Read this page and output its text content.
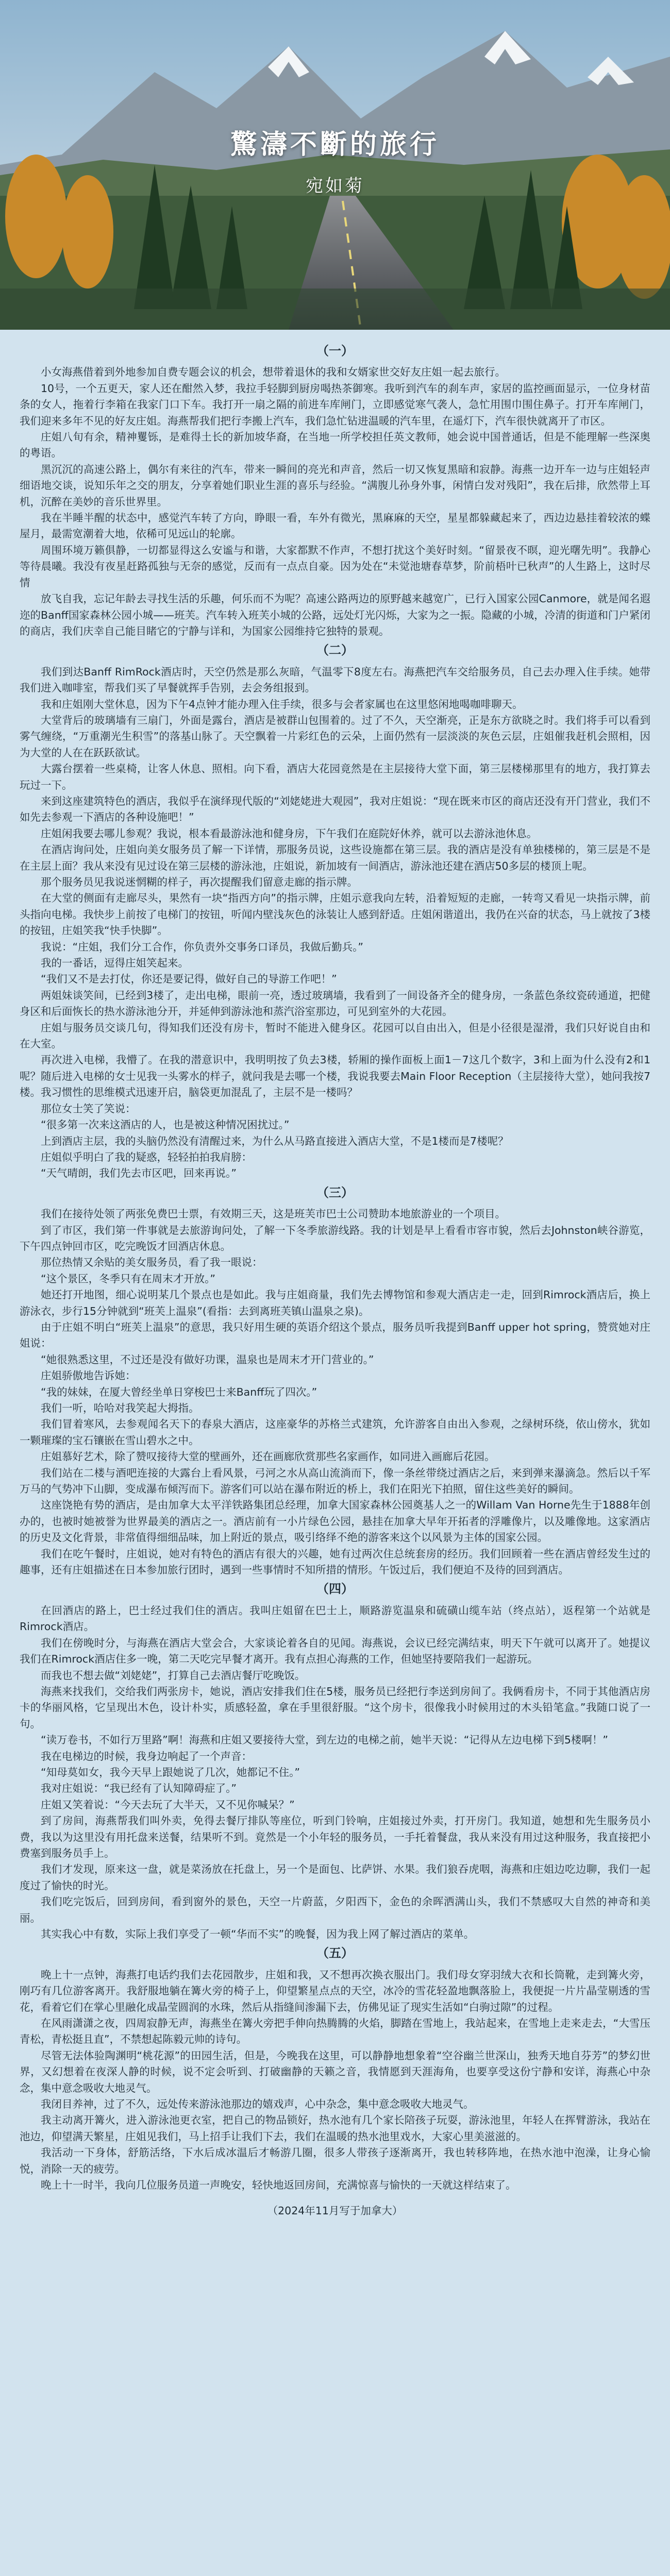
驚濤不斷的旅行
宛如菊
（一）

小女海燕借着到外地参加自费专题会议的机会，想带着退休的我和女婿家世交好友庄姐一起去旅行。

10号，一个五更天，家人还在酣然入梦，我拉手轻脚到厨房喝热茶御寒。我听到汽车的刹车声，家居的监控画面显示，一位身材苗条的女人，拖着行李箱在我家门口下车。我打开一扇之隔的前进车库闸门，立即感觉寒气袭人，急忙用围巾围住鼻子。打开车库闸门，我们迎来多年不见的好友庄姐。海燕帮我们把行李搬上汽车，我们急忙钻进温暖的汽车里，在遥灯下，汽车很快就离开了市区。

庄姐八旬有余，精神矍铄，是难得土长的新加坡华裔，在当地一所学校担任英文教师，她会说中国普通话，但是不能理解一些深奥的粤语。

黑沉沉的高速公路上，偶尔有来往的汽车，带来一瞬间的亮光和声音，然后一切又恢复黑暗和寂静。海燕一边开车一边与庄姐轻声细语地交谈，说知乐年之交的朋友，分享着她们职业生涯的喜乐与经验。“满腹儿孙身外事，闲情白发对残阳”，我在后排，欣然带上耳机，沉醉在美妙的音乐世界里。

我在半睡半醒的状态中，感觉汽车转了方向，睁眼一看，车外有微光，黑麻麻的天空，星星都躲藏起来了，西边边悬挂着较浓的蝶屋月，最需宽潮着大地，依稀可见远山的轮廓。

周围环境万籁俱静，一切都显得这么安谧与和谐，大家都默不作声，不想打扰这个美好时刻。“留景夜不暝，迎光曙先明”。我静心等待晨曦。我没有夜星赶路孤独与无奈的感觉，反而有一点点自豪。因为处在“未觉池塘春草梦，阶前梧叶已秋声”的人生路上，这时尽情

放飞自我，忘记年龄去寻找生活的乐趣，何乐而不为呢？高速公路两边的原野越来越宽广，已行入国家公园Canmore，就是闻名遐迩的Banff国家森林公园小城——班芙。汽车转入班芙小城的公路，远处灯光闪烁，大家为之一振。隐藏的小城，冷清的街道和门户紧闭的商店，我们庆幸自己能目睹它的宁静与详和，为国家公园维持它独特的景观。

（二）

我们到达Banff RimRock酒店时，天空仍然是那么灰暗，气温零下8度左右。海燕把汽车交给服务员，自己去办理入住手续。她带我们进入咖啡室，帮我们买了早餐就挥手告别，去会务组报到。

我和庄姐刚大堂休息，因为下午4点钟才能办理入住手续，很多与会者家属也在这里悠闲地喝咖啡聊天。

大堂背后的玻璃墙有三扇门，外面是露台，酒店是被群山包围着的。过了不久，天空渐亮，正是东方欲晓之时。我们将手可以看到雾气缠绕，“万重潮光生积雪”的落基山脉了。天空飘着一片彩红色的云朵，上面仍然有一层淡淡的灰色云层，庄姐催我赶机会照相，因为大堂的人在在跃跃欲试。

大露台摆着一些桌椅，让客人休息、照相。向下看，酒店大花园竟然是在主层接待大堂下面，第三层楼梯那里有的地方，我打算去玩过一下。

来到这座建筑特色的酒店，我似乎在演绎现代版的“刘姥姥进大观园”，我对庄姐说：“现在既来市区的商店还没有开门营业，我们不如先去参观一下酒店的各种设施吧！”

庄姐闲我要去哪儿参观？我说，根本看最游泳池和健身房，下午我们在庭院好休养，就可以去游泳池休息。

在酒店询问处，庄姐向美女服务员了解一下详情，那服务员说，这些设施都在第三层。我的酒店是没有单独楼梯的，第三层是不是在主层上面？我从来没有见过设在第三层楼的游泳池，庄姐说，新加坡有一间酒店，游泳池还建在酒店50多层的楼顶上呢。

那个服务员见我说迷惘糊的样子，再次提醒我们留意走廊的指示牌。

在大堂的侧面有走廊尽头，果然有一块“指西方向”的指示牌，庄姐示意我向左转，沿着短短的走廊，一转弯又看见一块指示牌，前头指向电梯。我快步上前按了电梯门的按钮，听闻内壁浅灰色的泳装让人感到舒适。庄姐闲谐道出，我仍在兴奋的状态，马上就按了3楼的按钮，庄姐笑我“快手快脚”。

我说：“庄姐，我们分工合作，你负责外交事务口译员，我做后勤兵。”

我的一番话，逗得庄姐笑起来。

“我们又不是去打仗，你还是要记得，做好自己的导游工作吧！”

两姐妹谈笑间，已经到3楼了，走出电梯，眼前一亮，透过玻璃墙，我看到了一间设备齐全的健身房，一条蓝色条纹瓷砖通道，把健身区和后面恢长的热水游泳池分开，并延伸到游泳池和蒸汽浴室那边，可见到室外的大花园。

庄姐与服务员交谈几句，得知我们还没有房卡，暂时不能进入健身区。花园可以自由出入，但是小径很是湿滑，我们只好说自由和在大室。

再次进入电梯，我懵了。在我的潜意识中，我明明按了负去3楼，轿厢的操作面板上面1－7这几个数字，3和上面为什么没有2和1呢？随后进入电梯的女士见我一头雾水的样子，就问我是去哪一个楼，我说我要去Main Floor Reception（主层接待大堂），她问我按7楼。我习惯性的思维模式迅速开启，脑袋更加混乱了，主层不是一楼吗？

那位女士笑了笑说：

“很多第一次来这酒店的人，也是被这种情况困扰过。”

上到酒店主层，我的头脑仍然没有清醒过来，为什么从马路直接进入酒店大堂，不是1楼而是7楼呢？

庄姐似乎明白了我的疑惑，轻轻拍拍我肩膀：

“天气晴朗，我们先去市区吧，回来再说。”

（三）

我们在接待处领了两张免费巴士票，有效期三天，这是班芙市巴士公司赞助本地旅游业的一个项目。

到了市区，我们第一件事就是去旅游询问处，了解一下冬季旅游线路。我的计划是早上看看市容市貌，然后去Johnston峡谷游览，下午四点钟回市区，吃完晚饭才回酒店休息。

那位热情又余贴的美女服务员，看了我一眼说：

“这个景区，冬季只有在周末才开放。”

她还打开地图，细心说明某几个景点也是如此。我与庄姐商量，我们先去博物馆和参观大酒店走一走，回到Rimrock酒店后，换上游泳衣，步行15分钟就到“班芙上温泉”(看指：去到离班芙镇山温泉之泉)。

由于庄姐不明白“班芙上温泉”的意思，我只好用生硬的英语介绍这个景点，服务员听我提到Banff upper hot spring，赞赏她对庄姐说：

“她很熟悉这里，不过还是没有做好功课，温泉也是周末才开门营业的。”

庄姐骄傲地告诉她：

“我的妹妹，在厦大曾经坐单日穿梭巴士来Banff玩了四次。”

我们一听，哈哈对我笑起大拇指。

我们冒着寒风，去参观闻名天下的春泉大酒店，这座豪华的苏格兰式建筑，允许游客自由出入参观，之绿树环绕，依山傍水，犹如一颗璀璨的宝石镶嵌在雪山碧水之中。

庄姐慕好艺术，除了赞叹接待大堂的壁画外，还在画廊欣赏那些名家画作，如同进入画廊后花园。

我们站在二楼与酒吧连接的大露台上看风景，弓河之水从高山流淌而下，像一条丝带绕过酒店之后，来到弹来瀑滴急。然后以千军万马的气势冲下山脚，变成瀑布倾泻而下。游客们可以站在瀑布附近的桥上，我们在阳光下拍照，留住这些美好的瞬间。

这座饶艳有势的酒店，是由加拿大太平洋铁路集团总经理，加拿大国家森林公园奠基人之一的Willam Van Horne先生于1888年创办的，也被时她被誉为世界最美的酒店之一。酒店前有一小片绿色公园，悬挂在加拿大早年开拓者的浮雕像片，以及雕像地。这家酒店的历史及文化背景，非常值得细细品味，加上附近的景点，吸引络绎不绝的游客来这个以风景为主体的国家公园。

我们在吃午餐时，庄姐说，她对有特色的酒店有很大的兴趣，她有过两次住总统套房的经历。我们回顾着一些在酒店曾经发生过的趣事，还有庄姐描述在日本参加旅行团时，遇到一些事情时不知所措的情形。午饭过后，我们便迫不及待的回到酒店。

（四）

在回酒店的路上，巴士经过我们住的酒店。我叫庄姐留在巴士上，顺路游览温泉和硫磺山缆车站（终点站），返程第一个站就是Rimrock酒店。

我们在傍晚时分，与海燕在酒店大堂会合，大家谈论着各自的见闻。海燕说，会议已经完满结束，明天下午就可以离开了。她提议我们在Rimrock酒店住多一晚，第二天吃完早餐才离开。我有点担心海燕的工作，但她坚持要陪我们一起游玩。

而我也不想去做“刘姥姥”，打算自己去酒店餐厅吃晚饭。

海燕来找我们，交给我们两张房卡，她说，酒店安排我们住在5楼，服务员已经把行李送到房间了。我俩看房卡，不同于其他酒店房卡的华丽风格，它呈现出木色，设计朴实，质感轻盈，拿在手里很舒服。“这个房卡，很像我小时候用过的木头铅笔盒。”我随口说了一句。

“读万卷书，不如行万里路”啊！海燕和庄姐又要接待大堂，到左边的电梯之前，她半天说：“记得从左边电梯下到5楼啊！”

我在电梯边的时候，我身边响起了一个声音：

“知母莫如女，我今天早上跟她说了几次，她都记不住。”

我对庄姐说：“我已经有了认知障碍症了。”

庄姐又笑着说：“今天去玩了大半天，又不见你喊呆？”

到了房间，海燕帮我们叫外卖，免得去餐厅排队等座位，听到门铃响，庄姐接过外卖，打开房门。我知道，她想和先生服务员小费，我以为这里没有用托盘来送餐，结果听不到。竟然是一个小年轻的服务员，一手托着餐盘，我从来没有用过这种服务，我直接把小费塞到服务员手上。

我们才发现，原来这一盘，就是菜汤放在托盘上，另一个是面包、比萨饼、水果。我们狼吞虎咽，海燕和庄姐边吃边聊，我们一起度过了愉快的时光。

我们吃完饭后，回到房间，看到窗外的景色，天空一片蔚蓝，夕阳西下，金色的余晖洒满山头，我们不禁感叹大自然的神奇和美丽。

其实我心中有数，实际上我们享受了一顿“华而不实”的晚餐，因为我上网了解过酒店的菜单。

（五）

晚上十一点钟，海燕打电话约我们去花园散步，庄姐和我，又不想再次换衣服出门。我们母女穿羽绒大衣和长筒靴，走到篝火旁，刚巧有几位游客离开。我舒服地躺在篝火旁的椅子上，仰望繁星点点的天空，冰冷的雪花轻盈地飘落脸上，我便捉一片片晶莹剔透的雪花，看着它们在掌心里融化成晶莹圆润的水珠，然后从指缝间渗漏下去，仿佛见证了现实生活如“白驹过隙”的过程。

在风雨潇潇之夜，四周寂静无声，海燕坐在篝火旁把手伸向热腾腾的火焰，脚踏在雪地上，我站起来，在雪地上走来走去，“大雪压青松，青松挺且直”，不禁想起陈毅元帅的诗句。

尽管无法体验陶渊明“桃花源”的田园生活，但是，今晚我在这里，可以静静地想象着“空谷幽兰世深山，独秀天地自芬芳”的梦幻世界，又幻想着在夜深人静的时候，说不定会听到、打破幽静的天籁之音，我情愿到天涯海角，也要享受这份宁静和安详，海燕心中杂念，集中意念吸收大地灵气。

我闭目养神，过了不久，远处传来游泳池那边的嬉戏声，心中杂念，集中意念吸收大地灵气。

我主动离开篝火，进入游泳池更衣室，把自己的物品锁好，热水池有几个家长陪孩子玩耍，游泳池里，年轻人在挥臂游泳，我站在池边，仰望满天繁星，庄姐见我们，马上招手让我们下去，我们在温暖的热水池里戏水，大家心里美滋滋的。

我活动一下身体，舒筋活络，下水后成冰温后才畅游几圈，很多人带孩子逐渐离开，我也转移阵地，在热水池中泡澡，让身心愉悦，消除一天的疲劳。

晚上十一时半，我向几位服务员道一声晚安，轻快地返回房间，充满惊喜与愉快的一天就这样结束了。

（2024年11月写于加拿大）
